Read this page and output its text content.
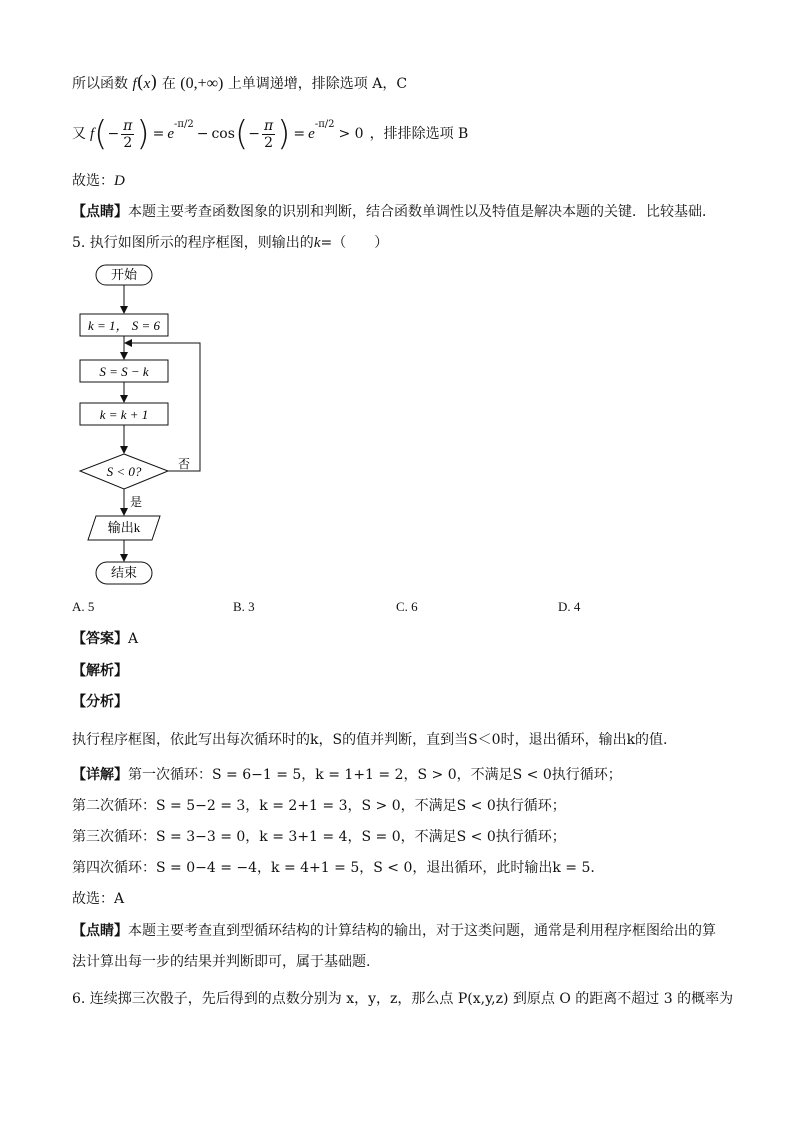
所以函数 f(x) 在 (0,+∞) 上单调递增，排除选项 A，C
又 f ( − $\frac{\pi}{2}$ ) = e
-π/2
− cos ( − $\frac{\pi}{2}$ ) = e
-π/2
> 0 ，排排除选项 B
故选：D
【点睛】本题主要考查函数图象的识别和判断，结合函数单调性以及特值是解决本题的关键．比较基础．
5. 执行如图所示的程序框图，则输出的k=（　　）
开始
k = 1， S = 6
S = S − k
k = k + 1
S < 0?	否
是
输出k
结束
A. 5	B. 3	C. 6	D. 4
【答案】A
【解析】
【分析】
执行程序框图，依此写出每次循环时的k，S的值并判断，直到当S＜0时，退出循环，输出k的值.
【详解】第一次循环：S = 6−1 = 5，k = 1+1 = 2，S > 0，不满足S < 0执行循环；
第二次循环：S = 5−2 = 3，k = 2+1 = 3，S > 0，不满足S < 0执行循环；
第三次循环：S = 3−3 = 0，k = 3+1 = 4，S = 0，不满足S < 0执行循环；
第四次循环：S = 0−4 = −4，k = 4+1 = 5，S < 0，退出循环，此时输出k = 5.
故选：A
【点睛】本题主要考查直到型循环结构的计算结构的输出，对于这类问题，通常是利用程序框图给出的算
法计算出每一步的结果并判断即可，属于基础题.
6. 连续掷三次骰子，先后得到的点数分别为 x，y，z，那么点 P(x,y,z) 到原点 O 的距离不超过 3 的概率为
